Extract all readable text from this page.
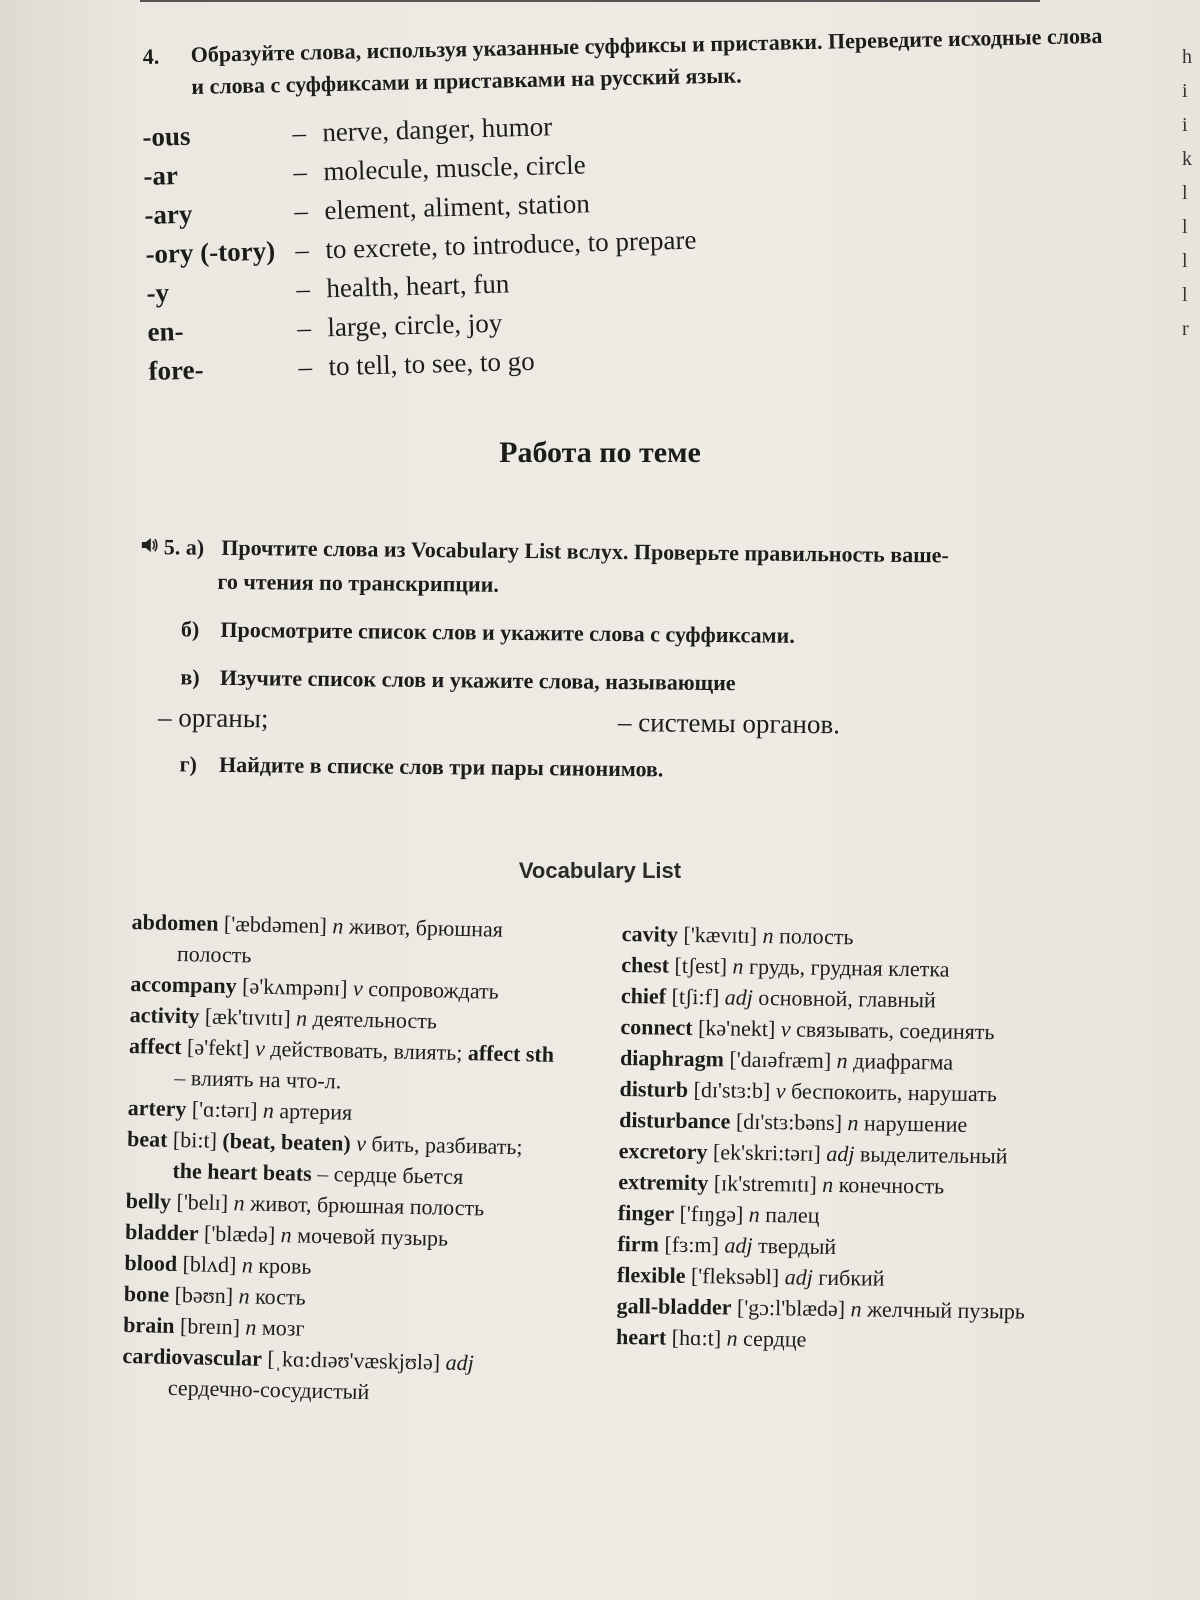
h
i
i
k
l
l
l
l
r
4. Образуйте слова, используя указанные суффиксы и приставки. Переведите исходные слова и слова с суффиксами и приставками на русский язык.
-ous	– nerve, danger, humor
-ar	– molecule, muscle, circle
-ary	– element, aliment, station
-ory (-tory) – to excrete, to introduce, to prepare
-y	– health, heart, fun
en-	– large, circle, joy
fore-	– to tell, to see, to go
Работа по теме
5. а) Прочтите слова из Vocabulary List вслух. Проверьте правильность ваше-
го чтения по транскрипции.
б) Просмотрите список слов и укажите слова с суффиксами.
в) Изучите список слов и укажите слова, называющие
– органы;	– системы органов.
г) Найдите в списке слов три пары синонимов.
Vocabulary List
abdomen ['æbdəmen] n живот, брюшная полость
accompany [ə'kʌmpənɪ] v сопровождать
activity [æk'tɪvɪtɪ] n деятельность
affect [ə'fekt] v действовать, влиять; affect sth – влиять на что-л.
artery ['ɑ:tərɪ] n артерия
beat [bi:t] (beat, beaten) v бить, разбивать; the heart beats – сердце бьется
belly ['belɪ] n живот, брюшная полость
bladder ['blædə] n мочевой пузырь
blood [blʌd] n кровь
bone [bəʊn] n кость
brain [breɪn] n мозг
cardiovascular [ˌkɑ:dɪəʊ'væskjʊlə] adj сердечно-сосудистый
cavity ['kævɪtɪ] n полость
chest [tʃest] n грудь, грудная клетка
chief [tʃi:f] adj основной, главный
connect [kə'nekt] v связывать, соединять
diaphragm ['daɪəfræm] n диафрагма
disturb [dɪ'stɜ:b] v беспокоить, нарушать
disturbance [dɪ'stɜ:bəns] n нарушение
excretory [ek'skri:tərɪ] adj выделительный
extremity [ɪk'stremɪtɪ] n конечность
finger ['fɪŋgə] n палец
firm [fɜ:m] adj твердый
flexible ['fleksəbl] adj гибкий
gall-bladder ['gɔ:l'blædə] n желчный пузырь
heart [hɑ:t] n сердце
